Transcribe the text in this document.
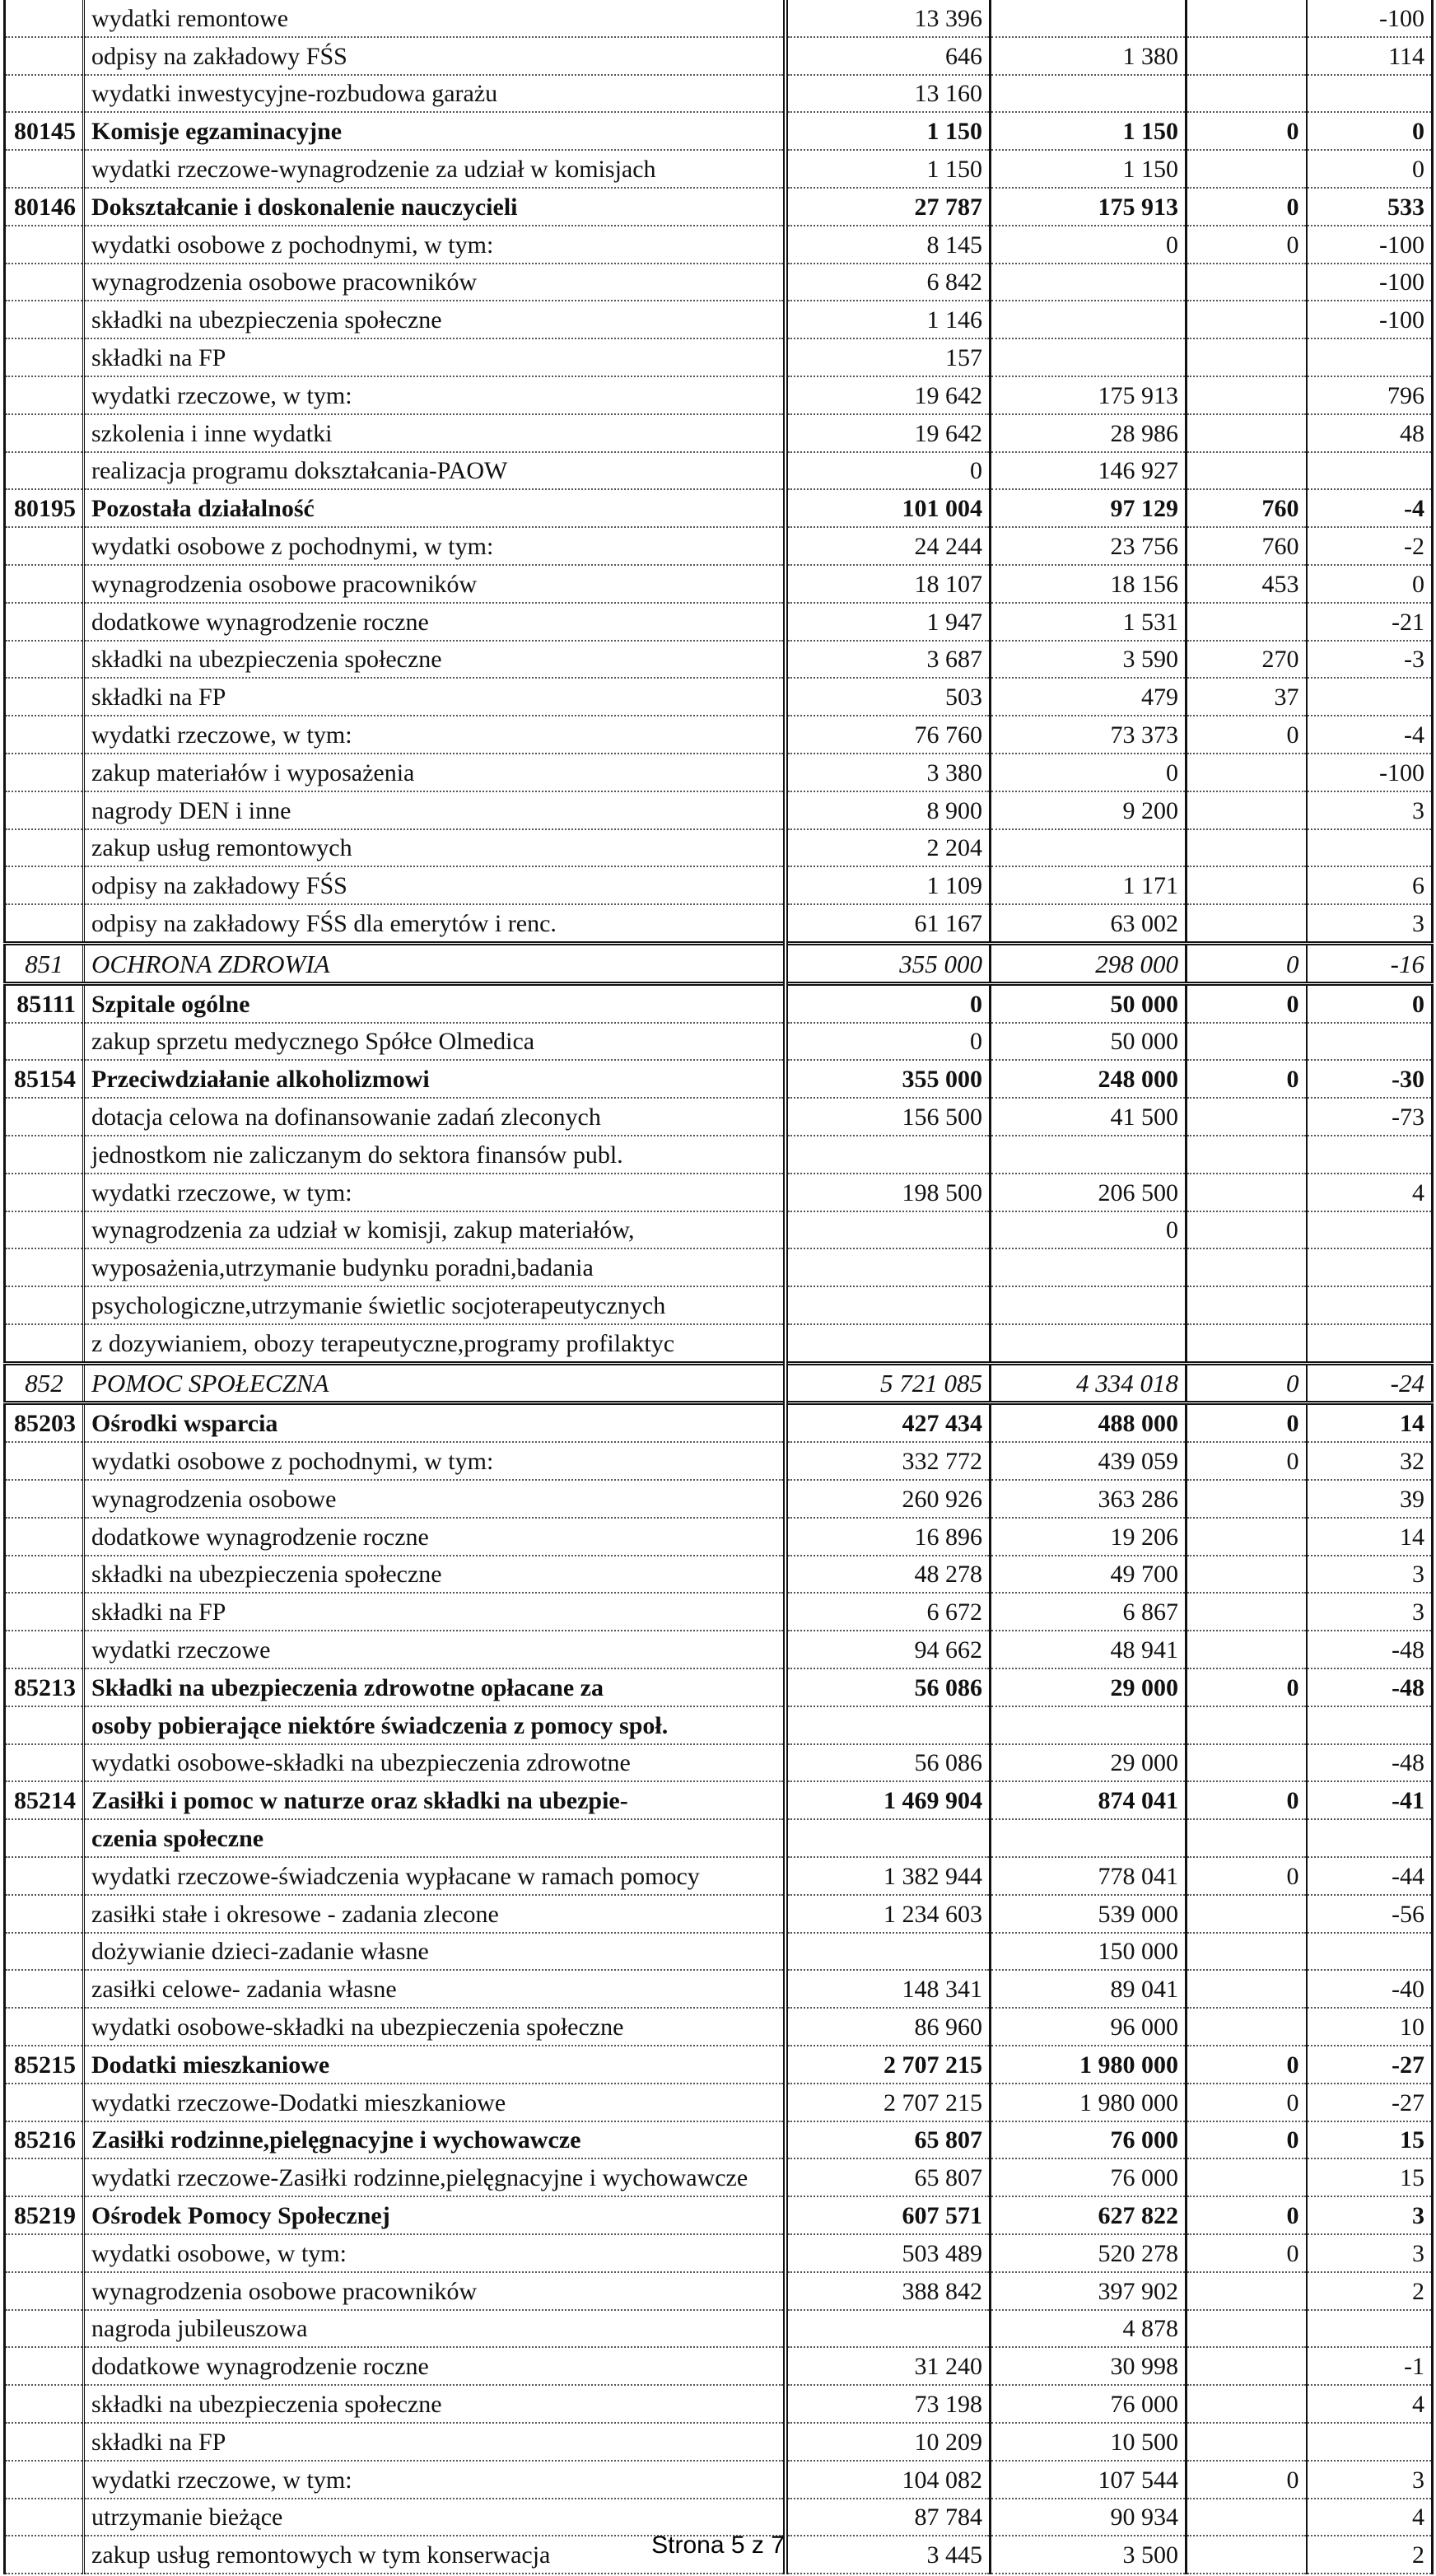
	wydatki remontowe	13 396			-100
	odpisy na zakładowy FŚS	646	1 380		114
	wydatki inwestycyjne-rozbudowa garażu	13 160			
80145	Komisje egzaminacyjne	1 150	1 150	0	0
	wydatki rzeczowe-wynagrodzenie za udział w komisjach	1 150	1 150		0
80146	Dokształcanie i doskonalenie nauczycieli	27 787	175 913	0	533
	wydatki osobowe z pochodnymi, w tym:	8 145	0	0	-100
	wynagrodzenia osobowe pracowników	6 842			-100
	składki na ubezpieczenia społeczne	1 146			-100
	składki na FP	157			
	wydatki rzeczowe, w tym:	19 642	175 913		796
	szkolenia i inne wydatki	19 642	28 986		48
	realizacja programu dokształcania-PAOW	0	146 927		
80195	Pozostała działalność	101 004	97 129	760	-4
	wydatki osobowe z pochodnymi, w tym:	24 244	23 756	760	-2
	wynagrodzenia osobowe pracowników	18 107	18 156	453	0
	dodatkowe wynagrodzenie roczne	1 947	1 531		-21
	składki na ubezpieczenia społeczne	3 687	3 590	270	-3
	składki na FP	503	479	37	
	wydatki rzeczowe, w tym:	76 760	73 373	0	-4
	zakup materiałów i wyposażenia	3 380	0		-100
	nagrody DEN i inne	8 900	9 200		3
	zakup usług remontowych	2 204			
	odpisy na zakładowy FŚS	1 109	1 171		6
	odpisy na zakładowy FŚS dla emerytów i renc.	61 167	63 002		3
851	OCHRONA ZDROWIA	355 000	298 000	0	-16
85111	Szpitale ogólne	0	50 000	0	0
	zakup sprzetu medycznego Spółce Olmedica	0	50 000		
85154	Przeciwdziałanie alkoholizmowi	355 000	248 000	0	-30
	dotacja celowa na dofinansowanie zadań zleconych	156 500	41 500		-73
	jednostkom nie zaliczanym do sektora finansów publ.				
	wydatki rzeczowe, w tym:	198 500	206 500		4
	wynagrodzenia za udział w komisji, zakup materiałów,		0		
	wyposażenia,utrzymanie budynku poradni,badania				
	psychologiczne,utrzymanie świetlic socjoterapeutycznych				
	z dozywianiem, obozy terapeutyczne,programy profilaktyc				
852	POMOC SPOŁECZNA	5 721 085	4 334 018	0	-24
85203	Ośrodki wsparcia	427 434	488 000	0	14
	wydatki osobowe z pochodnymi, w tym:	332 772	439 059	0	32
	wynagrodzenia osobowe	260 926	363 286		39
	dodatkowe wynagrodzenie roczne	16 896	19 206		14
	składki na ubezpieczenia społeczne	48 278	49 700		3
	składki na FP	6 672	6 867		3
	wydatki rzeczowe	94 662	48 941		-48
85213	Składki na ubezpieczenia zdrowotne opłacane za	56 086	29 000	0	-48
	osoby pobierające niektóre świadczenia z pomocy społ.				
	wydatki osobowe-składki na ubezpieczenia zdrowotne	56 086	29 000		-48
85214	Zasiłki i pomoc w naturze oraz składki na ubezpie-	1 469 904	874 041	0	-41
	czenia społeczne				
	wydatki rzeczowe-świadczenia wypłacane w ramach pomocy	1 382 944	778 041	0	-44
	zasiłki stałe i okresowe - zadania zlecone	1 234 603	539 000		-56
	dożywianie dzieci-zadanie własne		150 000		
	zasiłki celowe- zadania własne	148 341	89 041		-40
	wydatki osobowe-składki na ubezpieczenia społeczne	86 960	96 000		10
85215	Dodatki mieszkaniowe	2 707 215	1 980 000	0	-27
	wydatki rzeczowe-Dodatki mieszkaniowe	2 707 215	1 980 000	0	-27
85216	Zasiłki rodzinne,pielęgnacyjne i wychowawcze	65 807	76 000	0	15
	wydatki rzeczowe-Zasiłki rodzinne,pielęgnacyjne i wychowawcze	65 807	76 000		15
85219	Ośrodek Pomocy Społecznej	607 571	627 822	0	3
	wydatki osobowe, w tym:	503 489	520 278	0	3
	wynagrodzenia osobowe pracowników	388 842	397 902		2
	nagroda jubileuszowa		4 878		
	dodatkowe wynagrodzenie roczne	31 240	30 998		-1
	składki na ubezpieczenia społeczne	73 198	76 000		4
	składki na FP	10 209	10 500		
	wydatki rzeczowe, w tym:	104 082	107 544	0	3
	utrzymanie bieżące	87 784	90 934		4
	zakup usług remontowych w tym konserwacja	3 445	3 500		2
Strona 5 z 7
